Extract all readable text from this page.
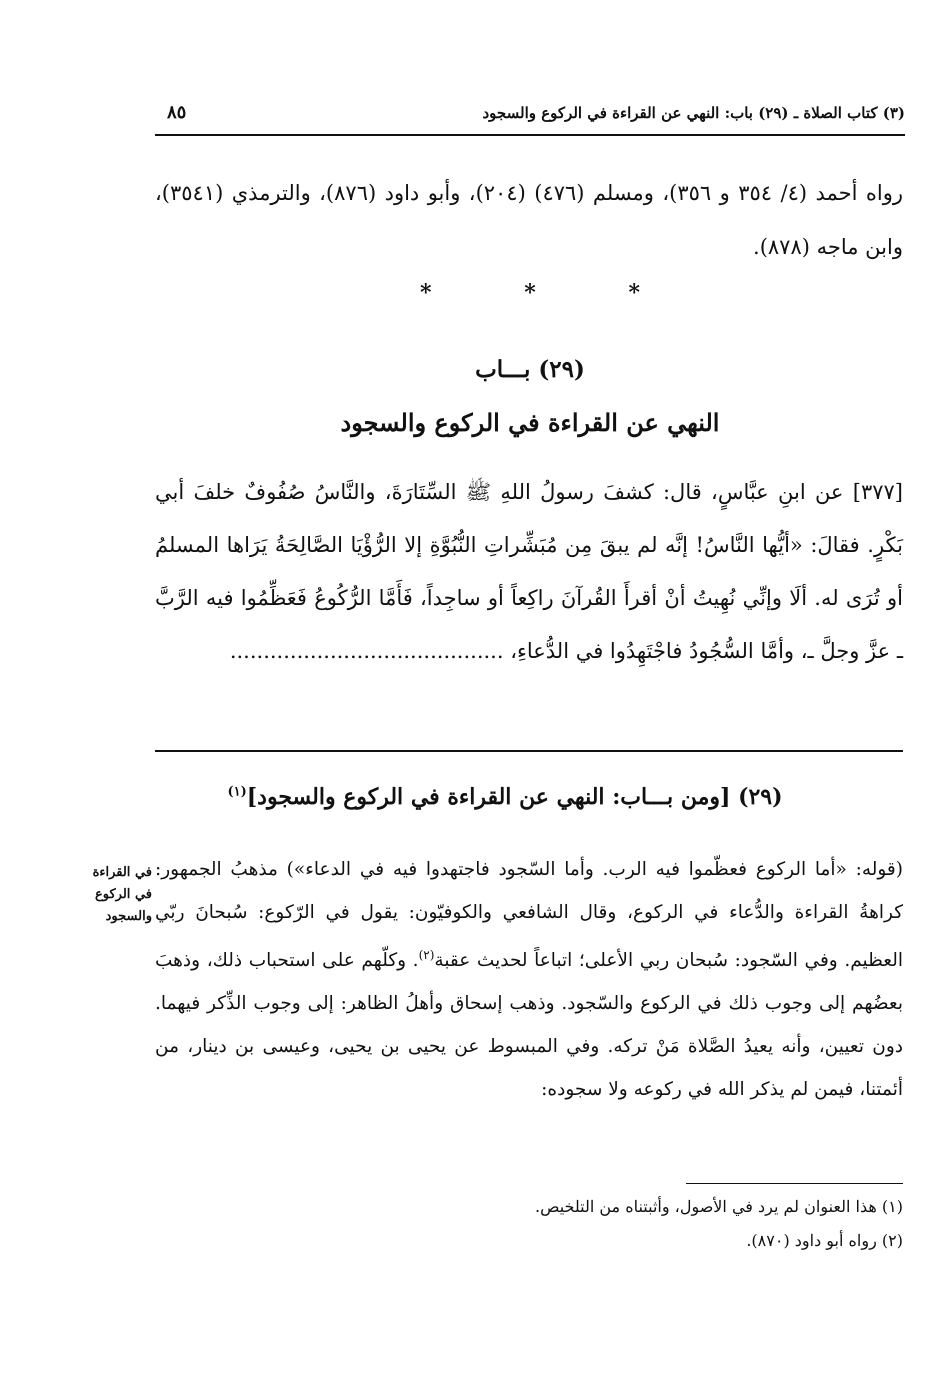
(٣) كتاب الصلاة ـ (٢٩) باب: النهي عن القراءة في الركوع والسجود
٨٥
رواه أحمد (٤/ ٣٥٤ و ٣٥٦)، ومسلم (٤٧٦) (٢٠٤)، وأبو داود (٨٧٦)، والترمذي (٣٥٤١)، وابن ماجه (٨٧٨).
*	*	*
(٢٩) بـــاب
النهي عن القراءة في الركوع والسجود
[٣٧٧] عن ابنِ عبَّاسٍ، قال: كشفَ رسولُ اللهِ ﷺ السِّتَارَةَ، والنَّاسُ صُفُوفٌ خلفَ أبي بَكْرٍ. فقالَ: «أيُّها النَّاسُ! إنَّه لم يبقَ مِن مُبَشِّراتِ النُّبُوَّةِ إلا الرُّؤْيَا الصَّالِحَةُ يَرَاها المسلمُ أو تُرَى له. ألَا وإنِّي نُهِيتُ أنْ أقرأَ القُرآنَ راكِعاً أو ساجِداً، فَأَمَّا الرُّكُوعُ فَعَظِّمُوا فيه الرَّبَّ ـ عزَّ وجلَّ ـ، وأمَّا السُّجُودُ فاجْتَهِدُوا في الدُّعاءِ، .........................................
(٢٩) [ومن بـــاب: النهي عن القراءة في الركوع والسجود]$^{(١)}$
في القراءة في الركوع والسجود
(قوله: «أما الركوع فعظّموا فيه الرب. وأما السّجود فاجتهدوا فيه في الدعاء») مذهبُ الجمهور: كراهةُ القراءة والدُّعاء في الركوع، وقال الشافعي والكوفيّون: يقول في الرّكوع: سُبحانَ ربّي العظيم. وفي السّجود: سُبحان ربي الأعلى؛ اتباعاً لحديث عقبة$^{(٢)}$. وكلّهم على استحباب ذلك، وذهبَ بعضُهم إلى وجوب ذلك في الركوع والسّجود. وذهب إسحاق وأهلُ الظاهر: إلى وجوب الذِّكر فيهما. دون تعيين، وأنه يعيدُ الصَّلاة مَنْ تركه. وفي المبسوط عن يحيى بن يحيى، وعيسى بن دينار، من أئمتنا، فيمن لم يذكر الله في ركوعه ولا سجوده:
(١) هذا العنوان لم يرد في الأصول، وأثبتناه من التلخيص.
(٢) رواه أبو داود (٨٧٠).
